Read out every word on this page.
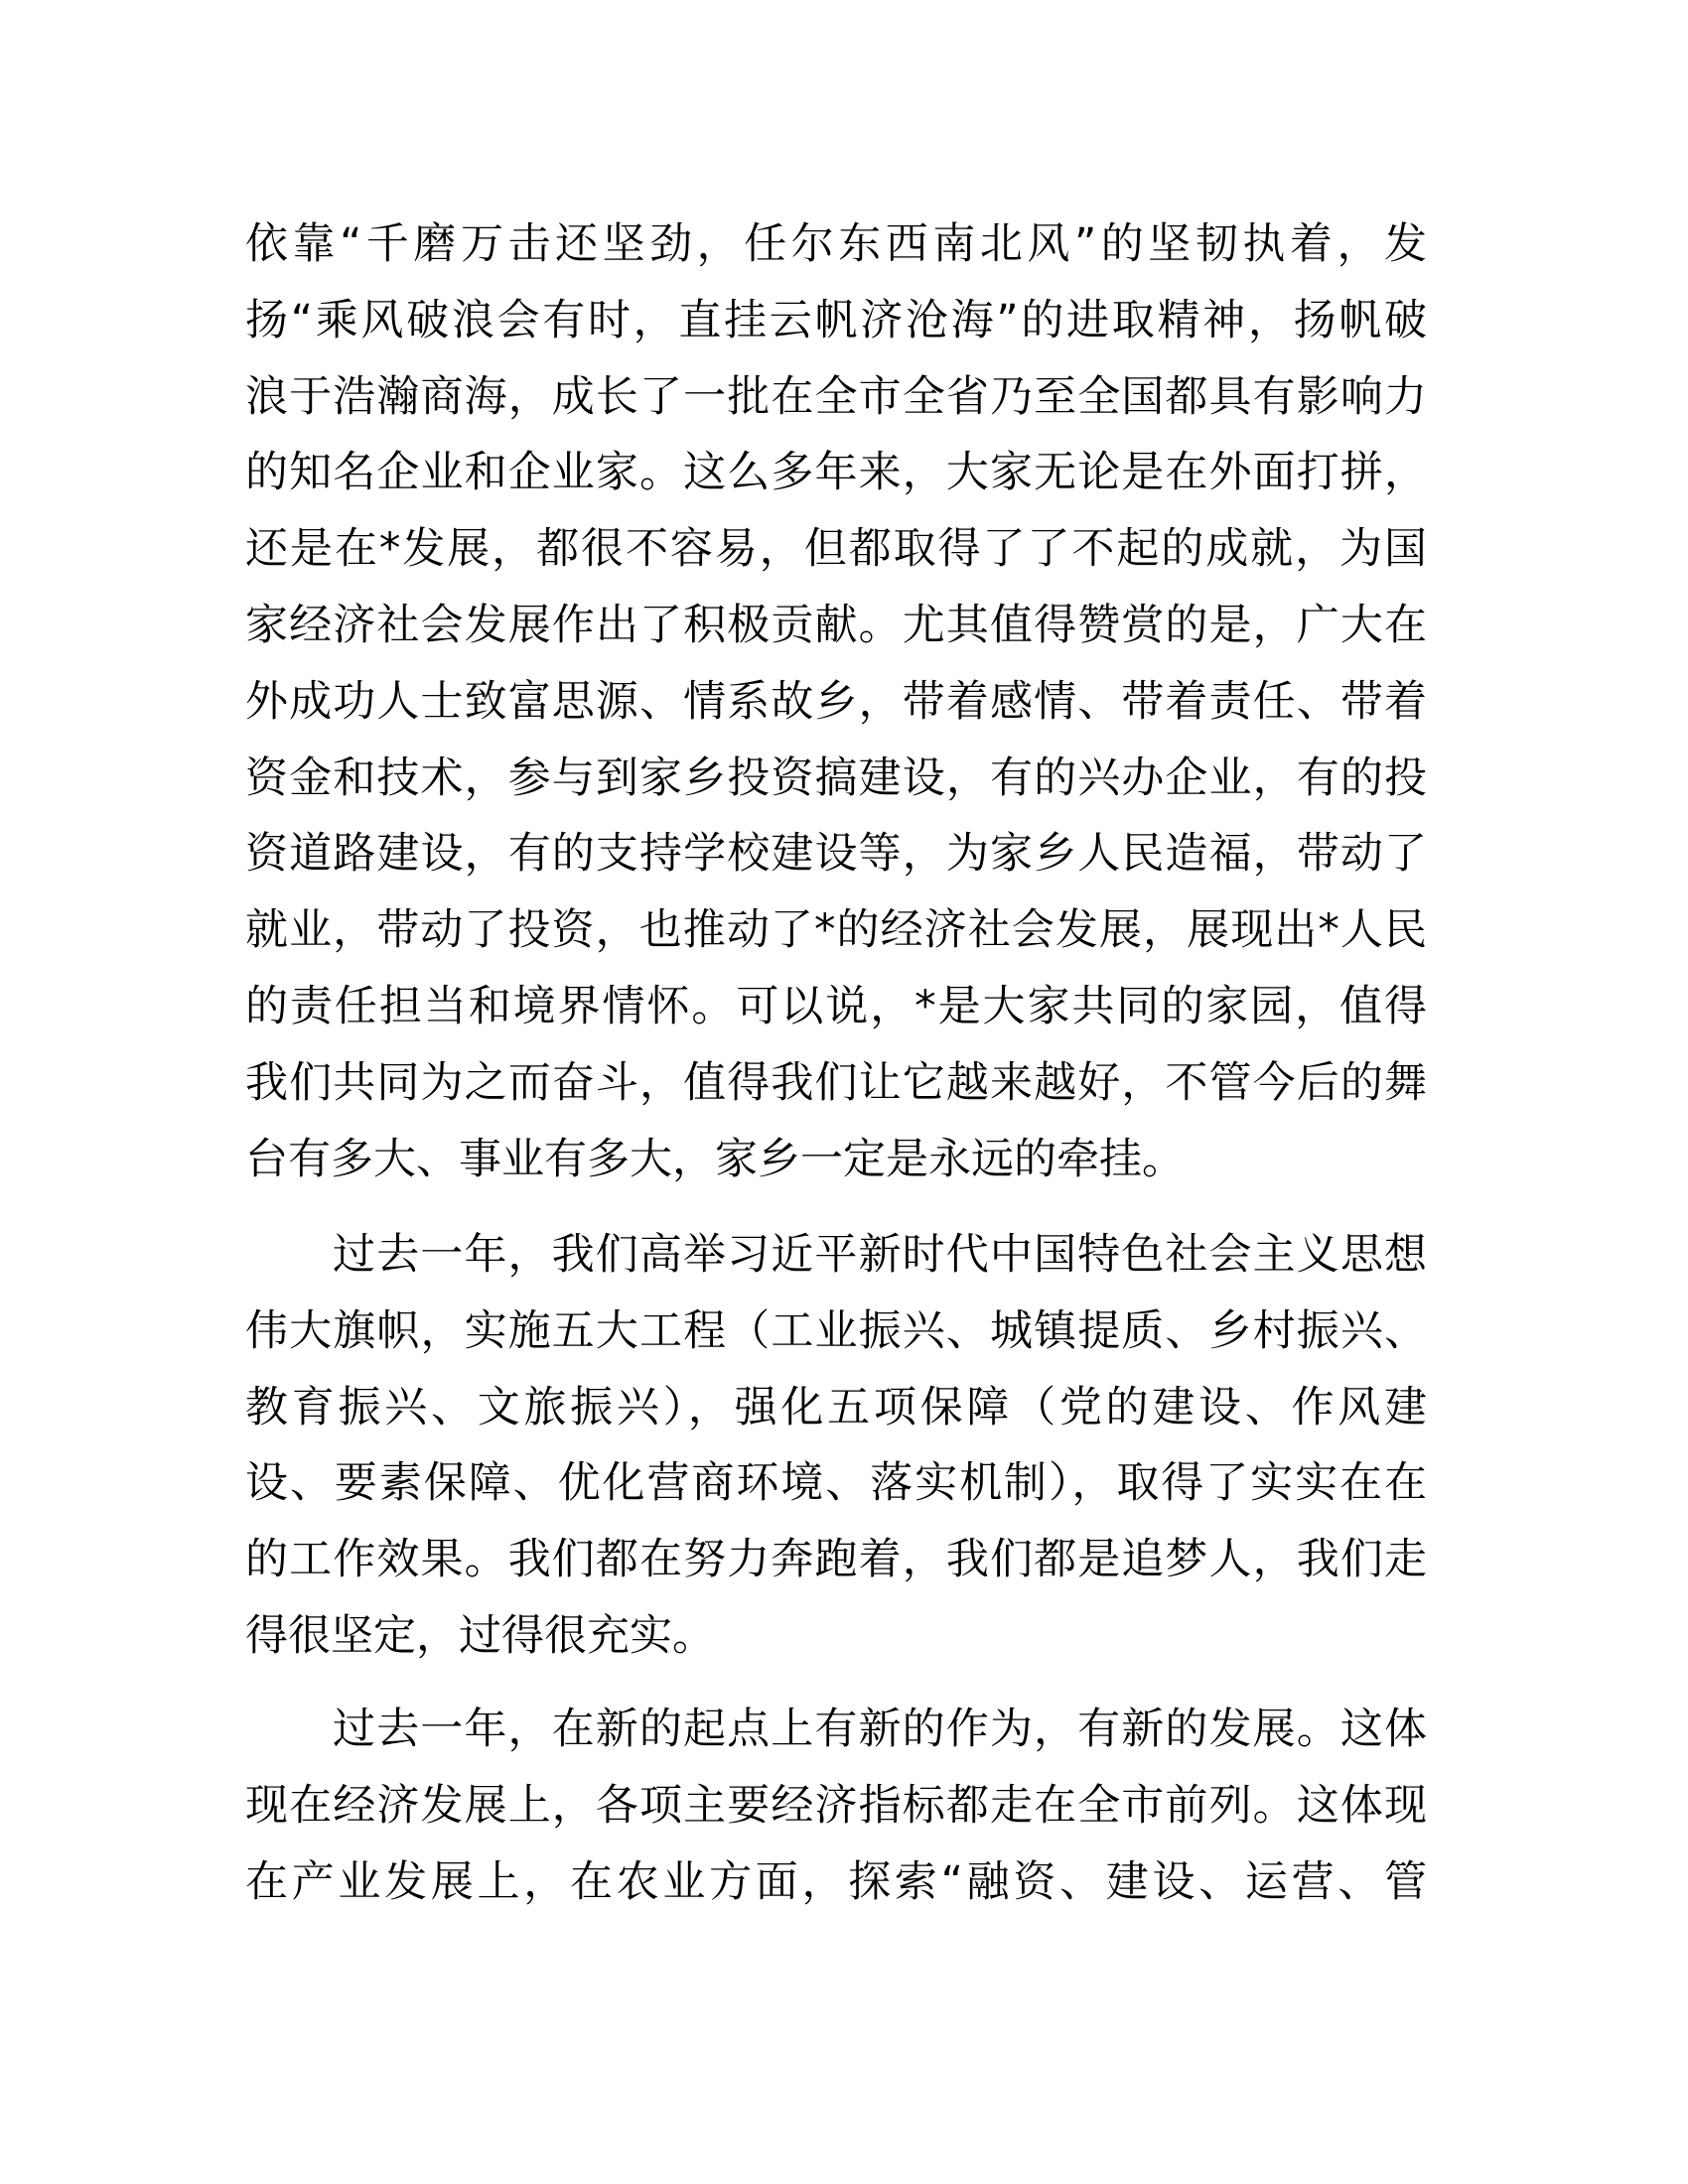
依靠“千磨万击还坚劲，任尔东西南北风”的坚韧执着，发
扬“乘风破浪会有时，直挂云帆济沧海”的进取精神，扬帆破
浪于浩瀚商海，成长了一批在全市全省乃至全国都具有影响力
的知名企业和企业家。这么多年来，大家无论是在外面打拼，
还是在*发展，都很不容易，但都取得了了不起的成就，为国
家经济社会发展作出了积极贡献。尤其值得赞赏的是，广大在
外成功人士致富思源、情系故乡，带着感情、带着责任、带着
资金和技术，参与到家乡投资搞建设，有的兴办企业，有的投
资道路建设，有的支持学校建设等，为家乡人民造福，带动了
就业，带动了投资，也推动了*的经济社会发展，展现出*人民
的责任担当和境界情怀。可以说，*是大家共同的家园，值得
我们共同为之而奋斗，值得我们让它越来越好，不管今后的舞
台有多大、事业有多大，家乡一定是永远的牵挂。
过去一年，我们高举习近平新时代中国特色社会主义思想
伟大旗帜，实施五大工程（工业振兴、城镇提质、乡村振兴、
教育振兴、文旅振兴），强化五项保障（党的建设、作风建
设、要素保障、优化营商环境、落实机制），取得了实实在在
的工作效果。我们都在努力奔跑着，我们都是追梦人，我们走
得很坚定，过得很充实。
过去一年，在新的起点上有新的作为，有新的发展。这体
现在经济发展上，各项主要经济指标都走在全市前列。这体现
在产业发展上，在农业方面，探索“融资、建设、运营、管
